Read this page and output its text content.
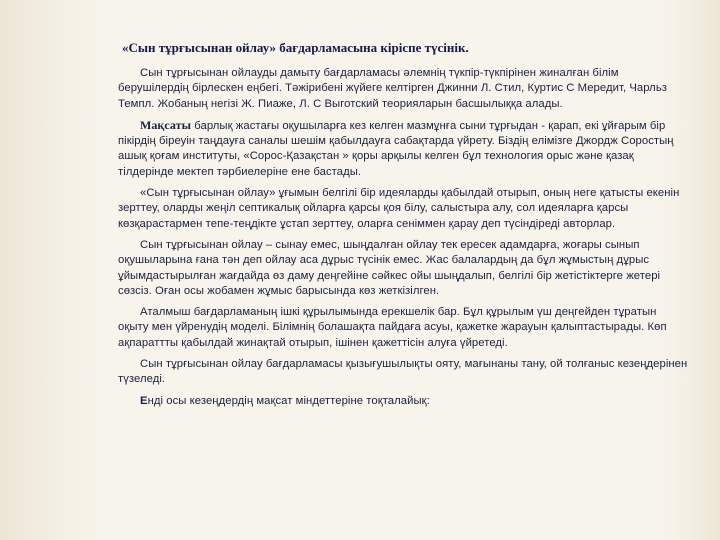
«Сын тұрғысынан ойлау» бағдарламасына кіріспе түсінік.

Сын тұрғысынан ойлауды дамыту бағдарламасы әлемнің түкпір-түкпірінен жиналған білім берушілердің бірлескен еңбегі. Тәжірибені жүйеге келтірген Джинни Л. Стил, Куртис С Мередит, Чарльз Темпл. Жобаның негізі Ж. Пиаже, Л. С Выготский теорияларын басшылыққа алады.

Мақсаты барлық жастағы оқушыларға кез келген мазмұнға сыни тұрғыдан - қарап, екі ұйғарым бір пікірдің біреуін таңдауға саналы шешім қабылдауға сабақтарда үйрету. Біздің елімізге Джордж Соростың ашық қоғам институты, «Сорос-Қазақстан » қоры арқылы келген бұл технология орыс және қазақ тілдерінде мектеп тәрбиелеріне ене бастады.

«Сын тұрғысынан ойлау» ұғымын белгілі бір идеяларды қабылдай отырып, оның негe қатысты екенін зерттеу, оларды жеңіл септикалық ойларға қарсы қоя білу, салыстыра алу, сол идеяларға қарсы көзқарастармен тепе-теңдікте ұстап зерттеу, оларға сеніммен қарау деп түсіндіреді авторлар.

Сын тұрғысынан ойлау – сынау емес, шыңдалған ойлау тек ересек адамдарға, жоғары сынып оқушыларына ғана тән деп ойлау аса дұрыс түсінік емес. Жас балалардың да бұл жұмыстың дұрыс ұйымдастырылған жағдайда өз даму деңгейіне сәйкес ойы шыңдалып, белгілі бір жетістіктерге жетері сөзсіз. Оған осы жобамен жұмыс барысында көз жеткізілген.

Аталмыш бағдарламаның ішкі құрылымында ерекшелік бар. Бұл құрылым үш деңгейден тұратын оқыту мен үйренудің моделі. Білімнің болашақта пайдаға асуы, қажетке жарауын қалыптастырады. Көп ақпараттты қабылдай жинақтай отырып, ішінен қажеттісін алуға үйретеді.

Сын тұрғысынан ойлау бағдарламасы қызығушылықты ояту, мағынаны тану, ой толғаныс кезеңдерінен түзеледі.

Енді осы кезеңдердің мақсат міндеттеріне тоқталайық:
